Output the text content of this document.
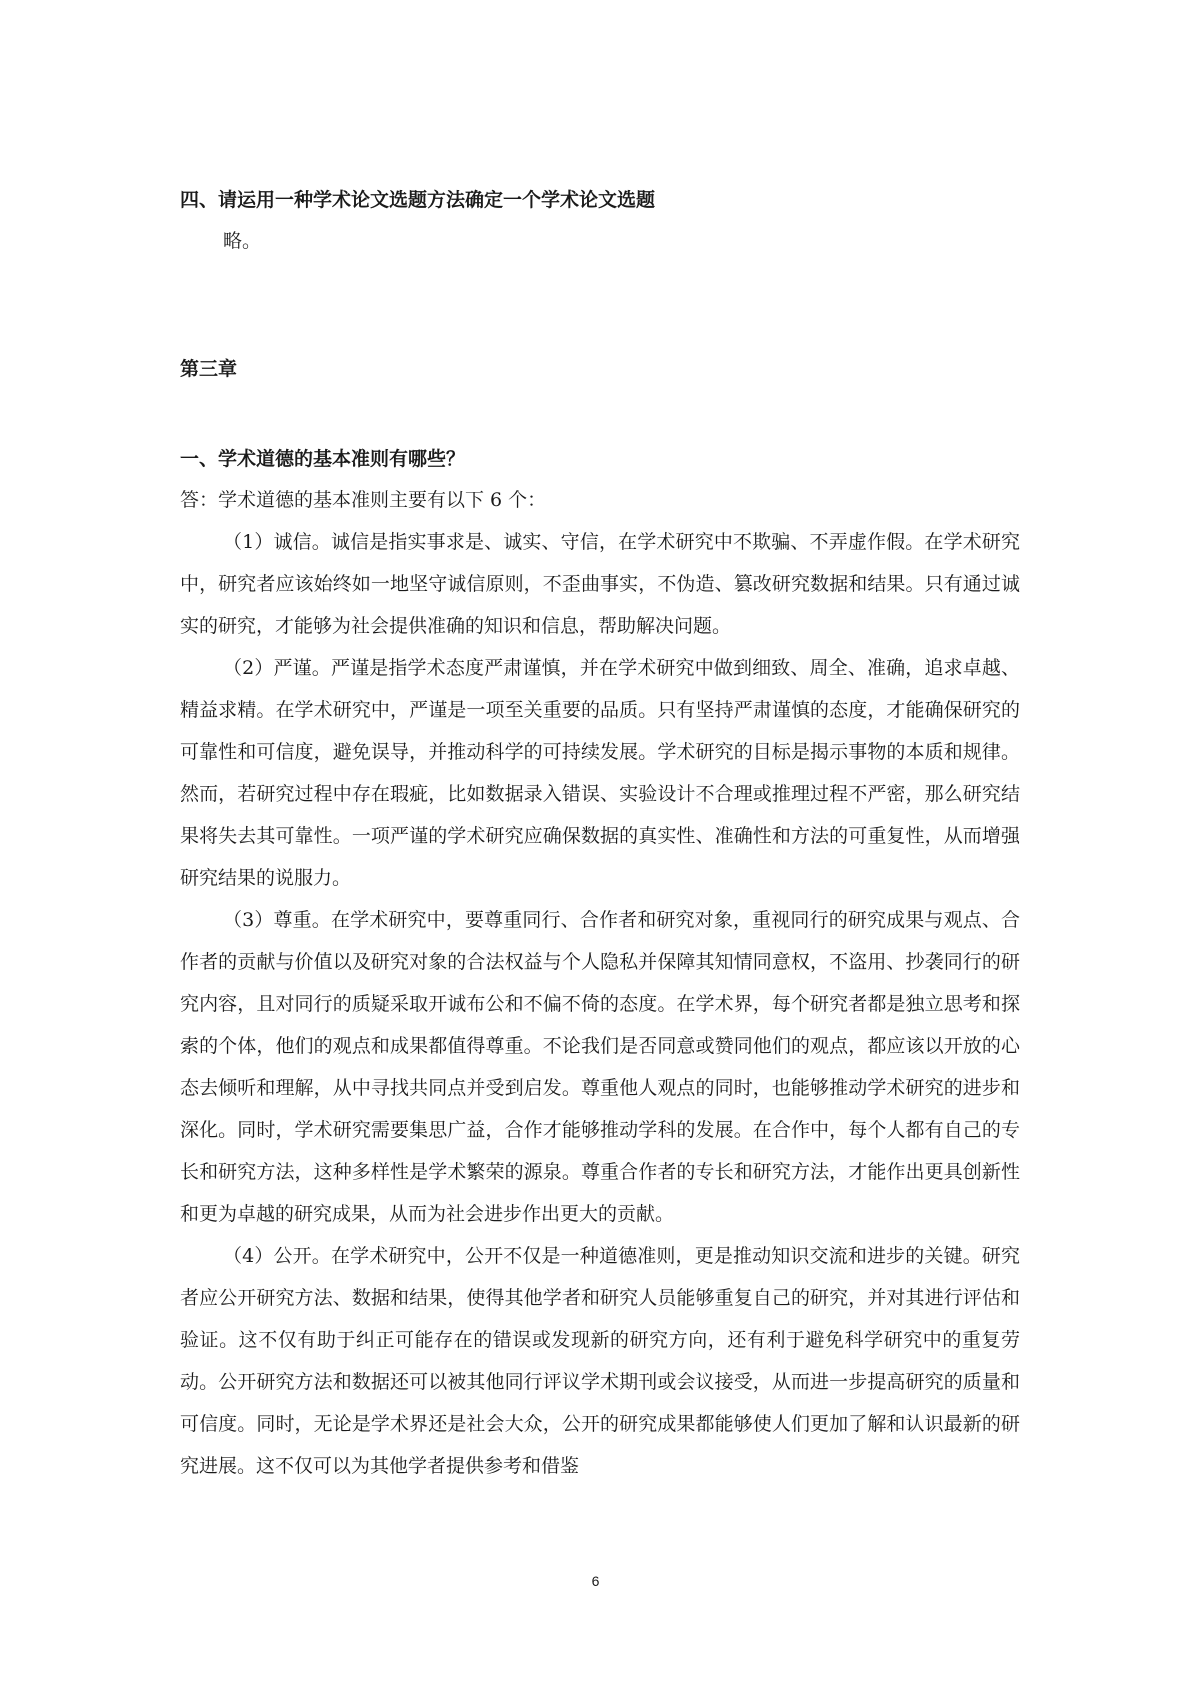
四、请运用一种学术论文选题方法确定一个学术论文选题

略。

第三章

一、学术道德的基本准则有哪些？

答：学术道德的基本准则主要有以下 6 个：

（1）诚信。诚信是指实事求是、诚实、守信，在学术研究中不欺骗、不弄虚作假。在学术研究中，研究者应该始终如一地坚守诚信原则，不歪曲事实，不伪造、篡改研究数据和结果。只有通过诚实的研究，才能够为社会提供准确的知识和信息，帮助解决问题。

（2）严谨。严谨是指学术态度严肃谨慎，并在学术研究中做到细致、周全、准确，追求卓越、精益求精。在学术研究中，严谨是一项至关重要的品质。只有坚持严肃谨慎的态度，才能确保研究的可靠性和可信度，避免误导，并推动科学的可持续发展。学术研究的目标是揭示事物的本质和规律。然而，若研究过程中存在瑕疵，比如数据录入错误、实验设计不合理或推理过程不严密，那么研究结果将失去其可靠性。一项严谨的学术研究应确保数据的真实性、准确性和方法的可重复性，从而增强研究结果的说服力。

（3）尊重。在学术研究中，要尊重同行、合作者和研究对象，重视同行的研究成果与观点、合作者的贡献与价值以及研究对象的合法权益与个人隐私并保障其知情同意权，不盗用、抄袭同行的研究内容，且对同行的质疑采取开诚布公和不偏不倚的态度。在学术界，每个研究者都是独立思考和探索的个体，他们的观点和成果都值得尊重。不论我们是否同意或赞同他们的观点，都应该以开放的心态去倾听和理解，从中寻找共同点并受到启发。尊重他人观点的同时，也能够推动学术研究的进步和深化。同时，学术研究需要集思广益，合作才能够推动学科的发展。在合作中，每个人都有自己的专长和研究方法，这种多样性是学术繁荣的源泉。尊重合作者的专长和研究方法，才能作出更具创新性和更为卓越的研究成果，从而为社会进步作出更大的贡献。

（4）公开。在学术研究中，公开不仅是一种道德准则，更是推动知识交流和进步的关键。研究者应公开研究方法、数据和结果，使得其他学者和研究人员能够重复自己的研究，并对其进行评估和验证。这不仅有助于纠正可能存在的错误或发现新的研究方向，还有利于避免科学研究中的重复劳动。公开研究方法和数据还可以被其他同行评议学术期刊或会议接受，从而进一步提高研究的质量和可信度。同时，无论是学术界还是社会大众，公开的研究成果都能够使人们更加了解和认识最新的研究进展。这不仅可以为其他学者提供参考和借鉴

6
